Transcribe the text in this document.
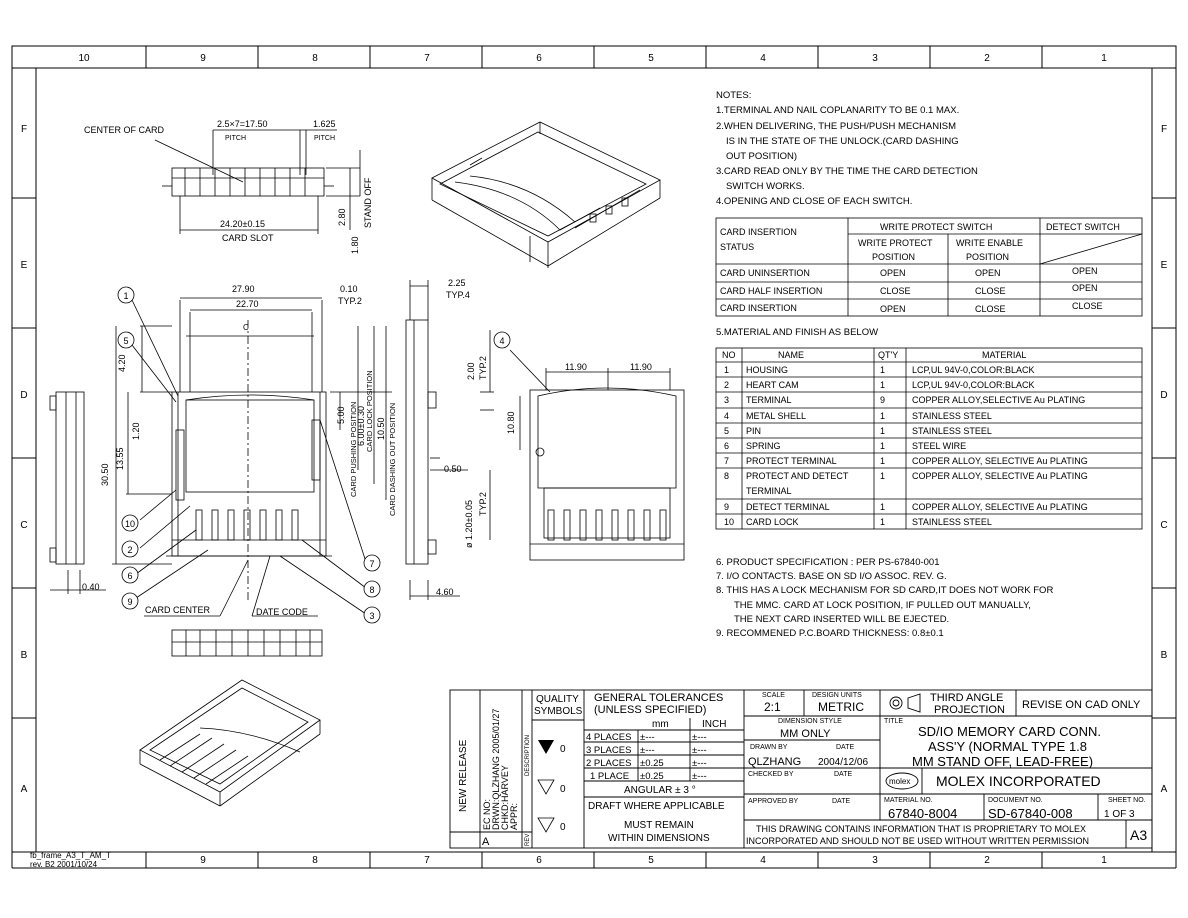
10	9	8	7	6	5	4	3	2	1
9	8	7	6	5	4	3	2	1
F
E
D
C
B
A
F
E
D
C
B
A
fb_frame_A3_T_AM_T
rev. B2 2001/10/24
CENTER OF CARD
2.5×7=17.50
PITCH
1.625
PITCH
24.20±0.15
CARD SLOT
2.80
1.80
STAND OFF
NOTES:
1.TERMINAL AND NAIL COPLANARITY TO BE 0.1 MAX.
2.WHEN DELIVERING, THE PUSH/PUSH MECHANISM
IS IN THE STATE OF THE UNLOCK.(CARD DASHING
OUT POSITION)
3.CARD READ ONLY BY THE TIME THE CARD DETECTION
SWITCH WORKS.
4.OPENING AND CLOSE OF EACH SWITCH.
CARD INSERTION
STATUS
WRITE PROTECT SWITCH	DETECT SWITCH
WRITE PROTECT
POSITION
WRITE ENABLE
POSITION
CARD UNINSERTION	OPEN	OPEN	OPEN
CARD HALF INSERTION	CLOSE	CLOSE	OPEN
CARD INSERTION	OPEN	CLOSE	CLOSE
5.MATERIAL AND FINISH AS BELOW
NO	NAME	QT'Y	MATERIAL
1 HOUSING	1	LCP,UL 94V-0,COLOR:BLACK
2 HEART CAM	1	LCP,UL 94V-0,COLOR:BLACK
3 TERMINAL	9	COPPER ALLOY,SELECTIVE Au PLATING
4 METAL SHELL	1	STAINLESS STEEL
5 PIN	1	STAINLESS STEEL
6 SPRING	1	STEEL WIRE
7 PROTECT TERMINAL	1	COPPER ALLOY, SELECTIVE Au PLATING
8 PROTECT AND DETECT
TERMINAL
1	COPPER ALLOY, SELECTIVE Au PLATING
9 DETECT TERMINAL	1	COPPER ALLOY, SELECTIVE Au PLATING
10 CARD LOCK	1	STAINLESS STEEL
6. PRODUCT SPECIFICATION : PER PS-67840-001
7. I/O CONTACTS. BASE ON SD I/O ASSOC. REV. G.
8. THIS HAS A LOCK MECHANISM FOR SD CARD,IT DOES NOT WORK FOR
THE MMC. CARD AT LOCK POSITION, IF PULLED OUT MANUALLY,
THE NEXT CARD INSERTED WILL BE EJECTED.
9. RECOMMENED P.C.BOARD THICKNESS: 0.8±0.1
27.90
22.70
0.10
TYP.2
2.25
TYP.4
C
4.20
1.20
13.55
30.50
5.00 CARD PUSHING POSITION
6.00±0.30 CARD LOCK POSITION 10.50 CARD DASHING OUT POSITION
2.00 TYP.2
0.50
ø 1.20±0.05 TYP.2
0.40	4.60
11.90	11.90
10.80
CARD CENTER	DATE CODE
1
5
10
2
6
9
4
7
8
3
NEW RELEASE
EC NO: DRWN:QLZHANG 2005/01/27 CHKD:HARVEY APPR:
DESCRIPTION
REV
A
QUALITY
SYMBOLS
0
0
0
GENERAL TOLERANCES
(UNLESS SPECIFIED)
mm	INCH
4 PLACES ±---	±---
3 PLACES ±---	±---
2 PLACES ±0.25	±---
1 PLACE ±0.25	±---
ANGULAR ± 3 °
DRAFT WHERE APPLICABLE
MUST REMAIN
WITHIN DIMENSIONS
SCALE
2:1
DESIGN UNITS
METRIC
THIRD ANGLE
PROJECTION REVISE ON CAD ONLY
DIMENSION STYLE
MM ONLY
DRAWN BY	DATE
QLZHANG 2004/12/06
CHECKED BY	DATE
APPROVED BY	DATE
TITLE
SD/IO MEMORY CARD CONN.
ASS'Y (NORMAL TYPE 1.8
MM STAND OFF, LEAD-FREE)
molex MOLEX INCORPORATED
MATERIAL NO.
67840-8004
DOCUMENT NO.
SD-67840-008
SHEET NO.
1 OF 3
THIS DRAWING CONTAINS INFORMATION THAT IS PROPRIETARY TO MOLEX
INCORPORATED AND SHOULD NOT BE USED WITHOUT WRITTEN PERMISSION	A3
